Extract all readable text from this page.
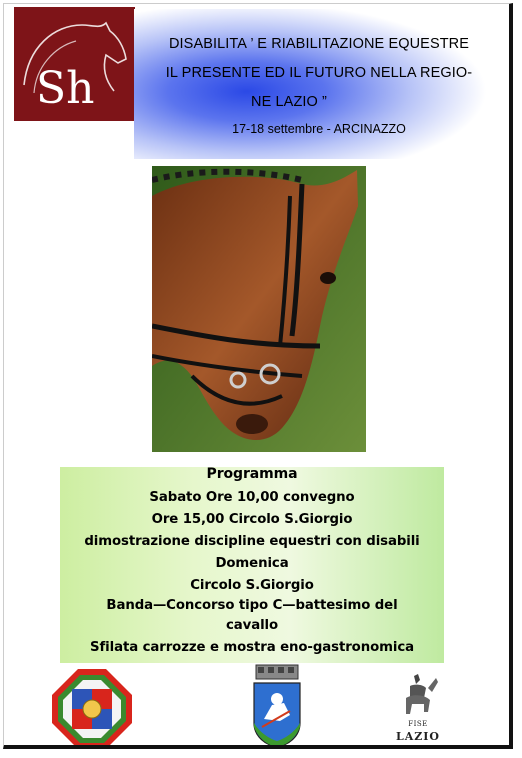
Sh
DISABILITA ’ E RIABILITAZIONE EQUESTRE
IL PRESENTE ED IL FUTURO NELLA REGIO-
NE LAZIO ”
17-18 settembre - ARCINAZZO
Programma
Sabato Ore 10,00 convegno
Ore 15,00 Circolo S.Giorgio
dimostrazione discipline equestri con disabili
Domenica
Circolo S.Giorgio
Banda—Concorso tipo C—battesimo del
cavallo
Sfilata carrozze e mostra eno-gastronomica
FISE
LAZIO
